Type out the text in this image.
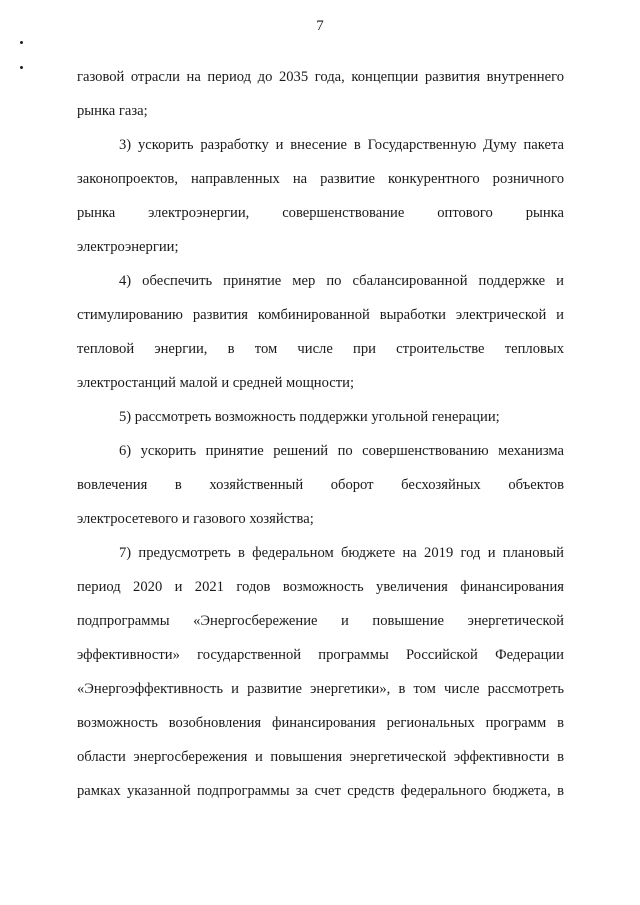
7

газовой отрасли на период до 2035 года, концепции развития внутреннего
рынка газа;

3) ускорить разработку и внесение в Государственную Думу пакета
законопроектов, направленных на развитие конкурентного розничного
рынка электроэнергии, совершенствование оптового рынка
электроэнергии;

4) обеспечить принятие мер по сбалансированной поддержке и
стимулированию развития комбинированной выработки электрической и
тепловой энергии, в том числе при строительстве тепловых
электростанций малой и средней мощности;

5) рассмотреть возможность поддержки угольной генерации;

6) ускорить принятие решений по совершенствованию механизма
вовлечения в хозяйственный оборот бесхозяйных объектов
электросетевого и газового хозяйства;

7) предусмотреть в федеральном бюджете на 2019 год и плановый
период 2020 и 2021 годов возможность увеличения финансирования
подпрограммы «Энергосбережение и повышение энергетической
эффективности» государственной программы Российской Федерации
«Энергоэффективность и развитие энергетики», в том числе рассмотреть
возможность возобновления финансирования региональных программ в
области энергосбережения и повышения энергетической эффективности в
рамках указанной подпрограммы за счет средств федерального бюджета, в
